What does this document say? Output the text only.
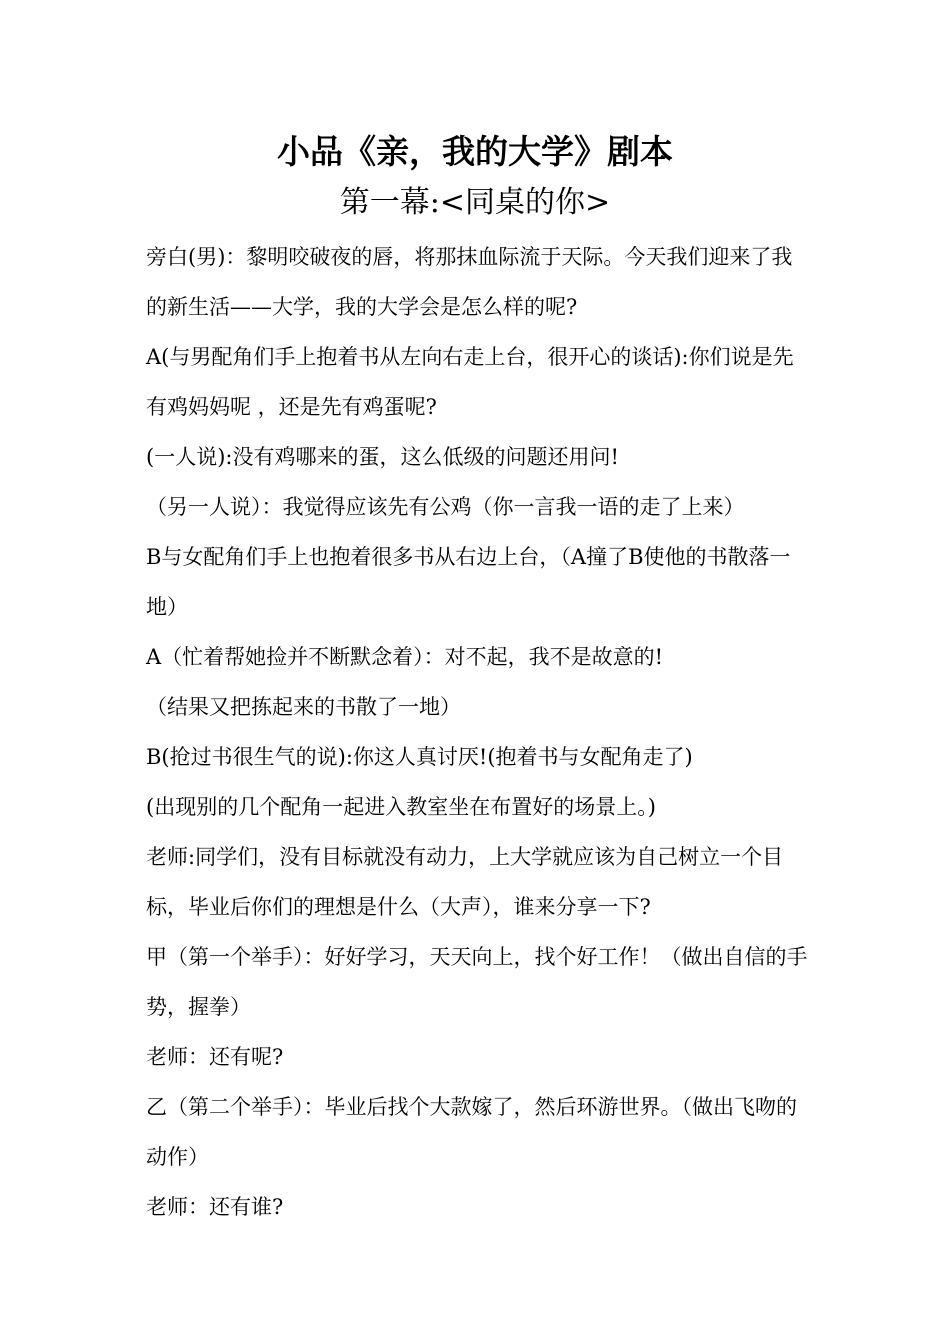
小品《亲，我的大学》剧本
第一幕:<同桌的你>

旁白(男)：黎明咬破夜的唇，将那抹血际流于天际。今天我们迎来了我的新生活——大学，我的大学会是怎么样的呢?

A(与男配角们手上抱着书从左向右走上台，很开心的谈话):你们说是先有鸡妈妈呢 ，还是先有鸡蛋呢?

(一人说):没有鸡哪来的蛋，这么低级的问题还用问!

（另一人说）：我觉得应该先有公鸡（你一言我一语的走了上来）

B与女配角们手上也抱着很多书从右边上台，（A撞了B使他的书散落一地）

A（忙着帮她捡并不断默念着）：对不起，我不是故意的!

（结果又把拣起来的书散了一地）

B(抢过书很生气的说):你这人真讨厌!(抱着书与女配角走了)

(出现别的几个配角一起进入教室坐在布置好的场景上。)

老师:同学们，没有目标就没有动力，上大学就应该为自己树立一个目标，毕业后你们的理想是什么（大声），谁来分享一下?

甲（第一个举手）：好好学习，天天向上，找个好工作！（做出自信的手势，握拳）

老师：还有呢?

乙（第二个举手）：毕业后找个大款嫁了，然后环游世界。（做出飞吻的动作）

老师：还有谁?
